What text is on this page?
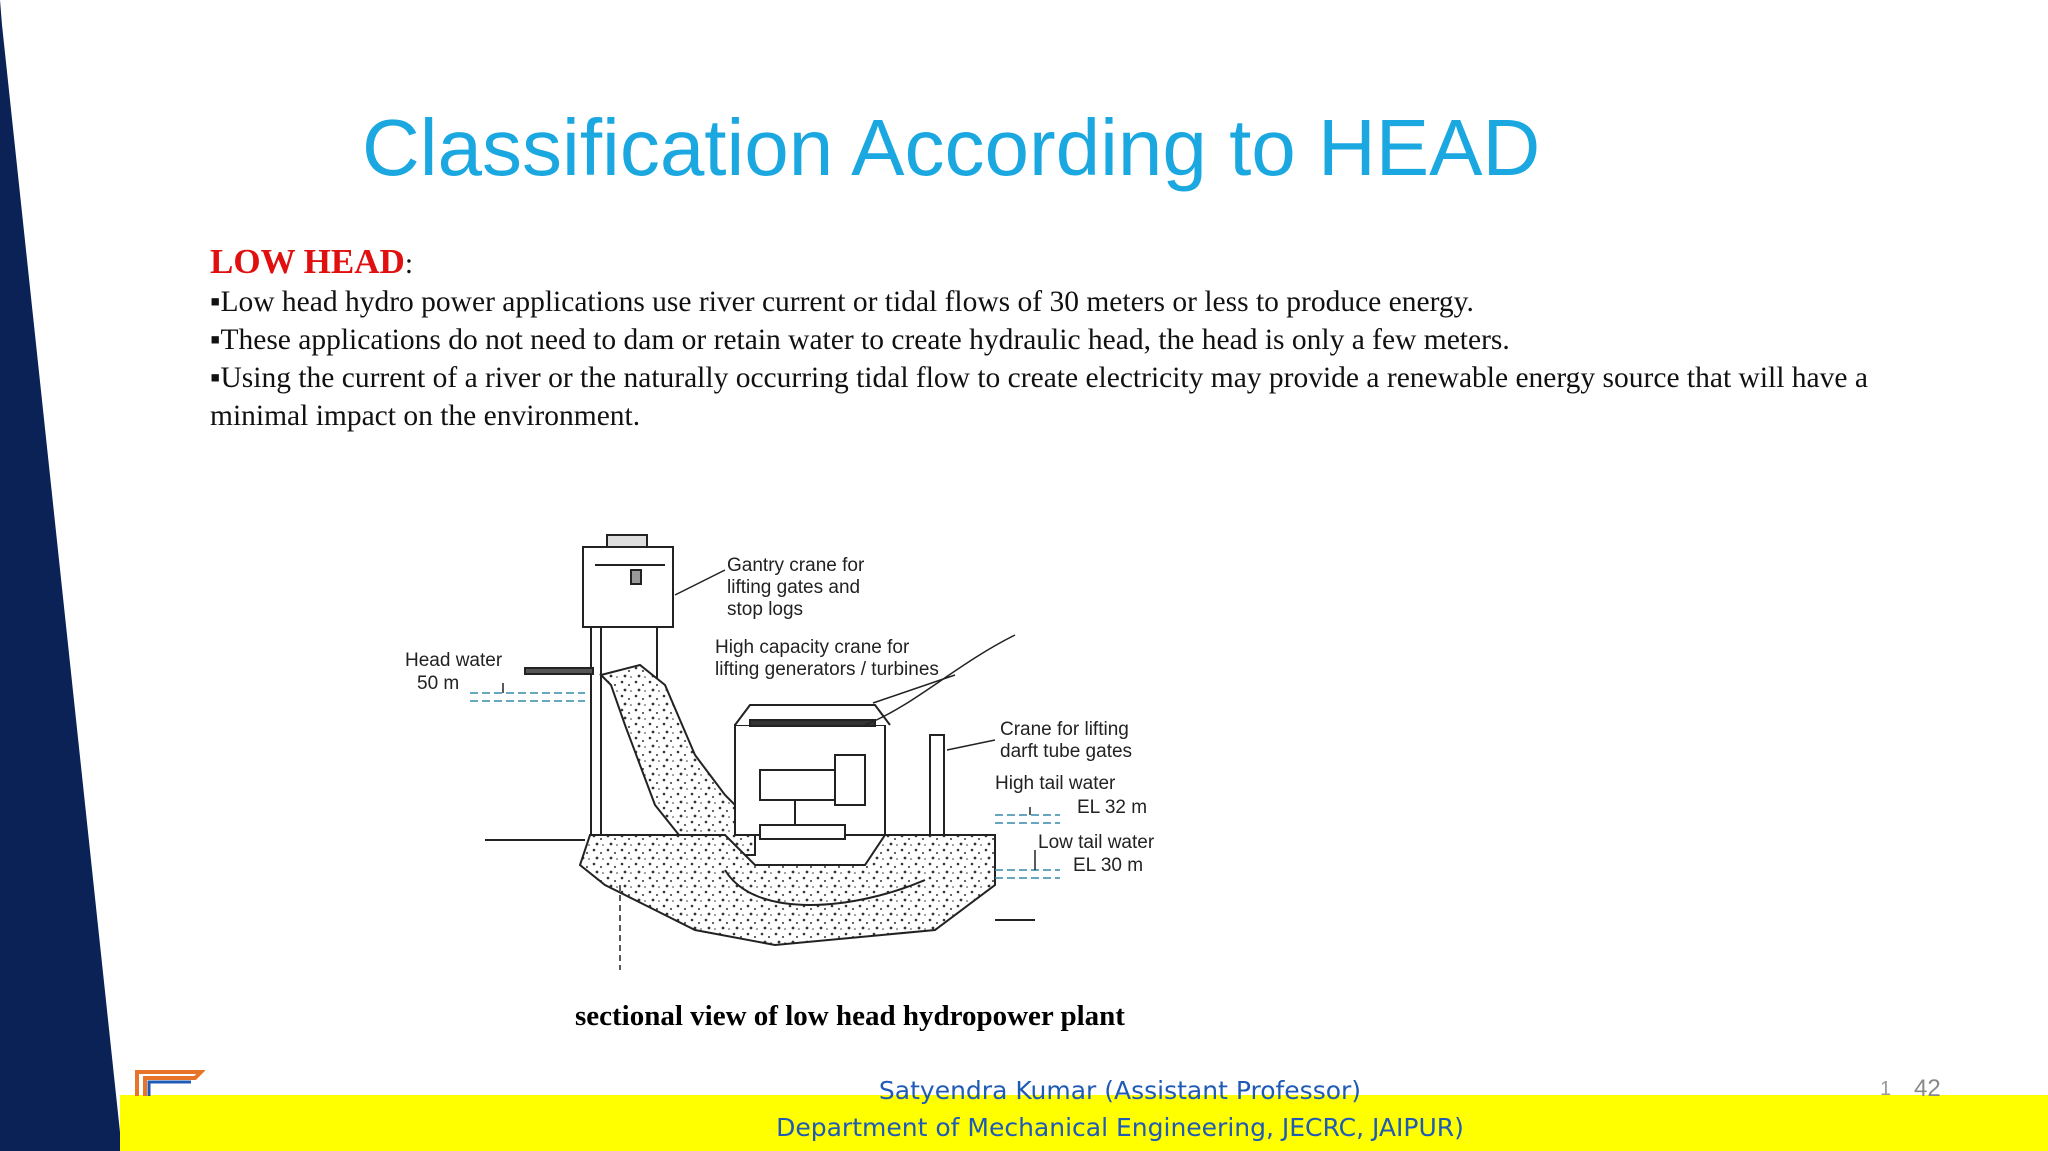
Classification According to HEAD

LOW HEAD:

▪Low head hydro power applications use river current or tidal flows of 30 meters or less to produce energy.

▪These applications do not need to dam or retain water to create hydraulic head, the head is only a few meters.

▪Using the current of a river or the naturally occurring tidal flow to create electricity may provide a renewable energy source that will have a minimal impact on the environment.

Gantry crane for
lifting gates and
stop logs
High capacity crane for
lifting generators / turbines
Head water
50 m
Crane for lifting
darft tube gates
High tail water
EL 32 m
Low tail water
EL 30 m

sectional view of low head hydropower plant

Satyendra Kumar (Assistant Professor)
Department of Mechanical Engineering, JECRC, JAIPUR)
1 42
